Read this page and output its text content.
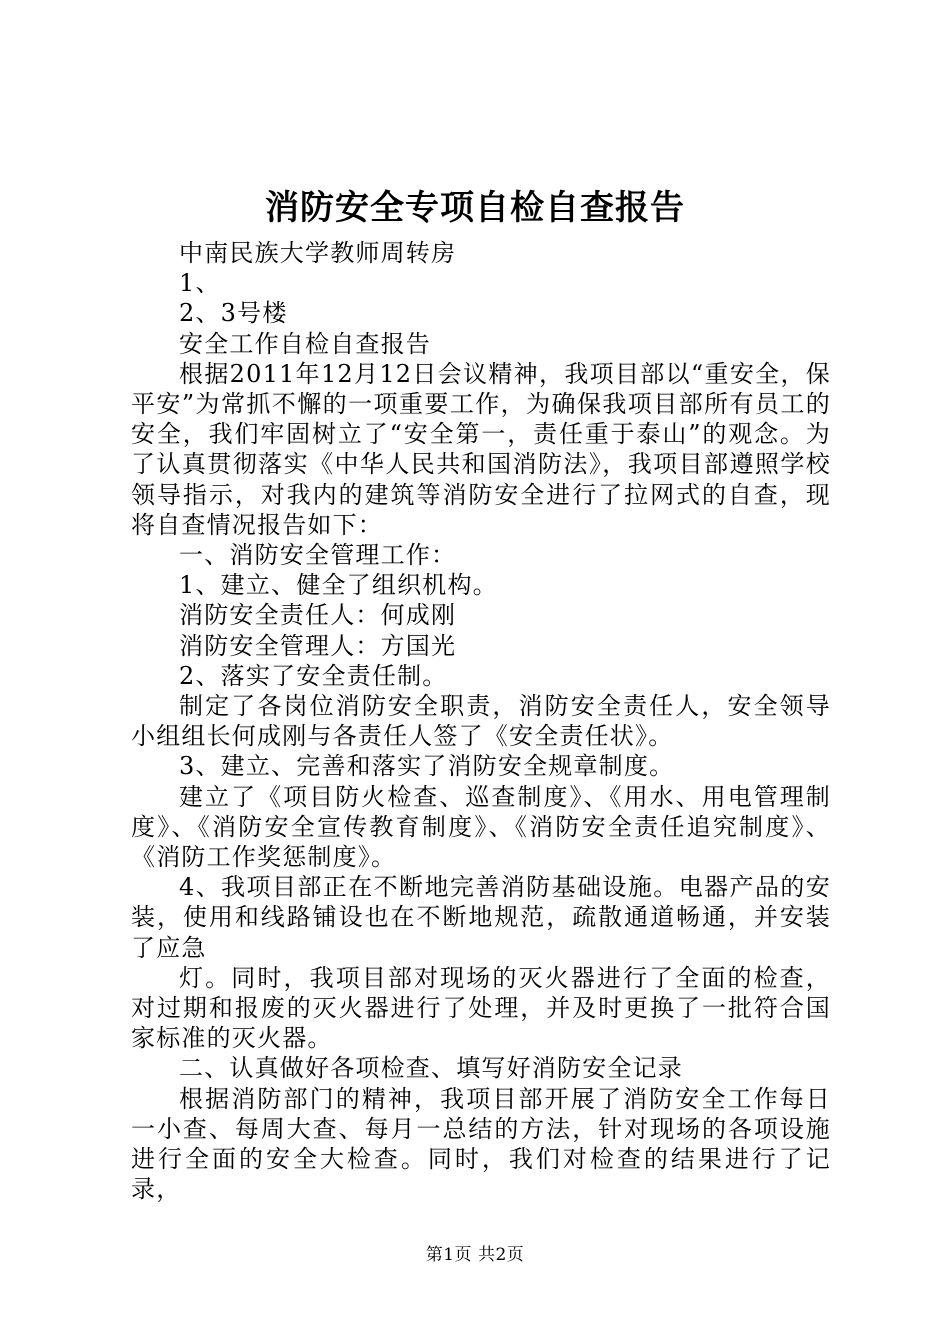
消防安全专项自检自查报告

中南民族大学教师周转房

1、

2、3号楼

安全工作自检自查报告

根据2011年12月12日会议精神，我项目部以“重安全，保平安”为常抓不懈的一项重要工作，为确保我项目部所有员工的安全，我们牢固树立了“安全第一，责任重于泰山”的观念。为了认真贯彻落实《中华人民共和国消防法》，我项目部遵照学校领导指示，对我内的建筑等消防安全进行了拉网式的自查，现将自查情况报告如下：

一、消防安全管理工作：

1、建立、健全了组织机构。

消防安全责任人：何成刚

消防安全管理人：方国光

2、落实了安全责任制。

制定了各岗位消防安全职责，消防安全责任人，安全领导小组组长何成刚与各责任人签了《安全责任状》。

3、建立、完善和落实了消防安全规章制度。

建立了《项目防火检查、巡查制度》、《用水、用电管理制度》、《消防安全宣传教育制度》、《消防安全责任追究制度》、《消防工作奖惩制度》。

4、我项目部正在不断地完善消防基础设施。电器产品的安装，使用和线路铺设也在不断地规范，疏散通道畅通，并安装了应急

灯。同时，我项目部对现场的灭火器进行了全面的检查，对过期和报废的灭火器进行了处理，并及时更换了一批符合国家标准的灭火器。

二、认真做好各项检查、填写好消防安全记录

根据消防部门的精神，我项目部开展了消防安全工作每日一小查、每周大查、每月一总结的方法，针对现场的各项设施进行全面的安全大检查。同时，我们对检查的结果进行了记录，

第1页 共2页
